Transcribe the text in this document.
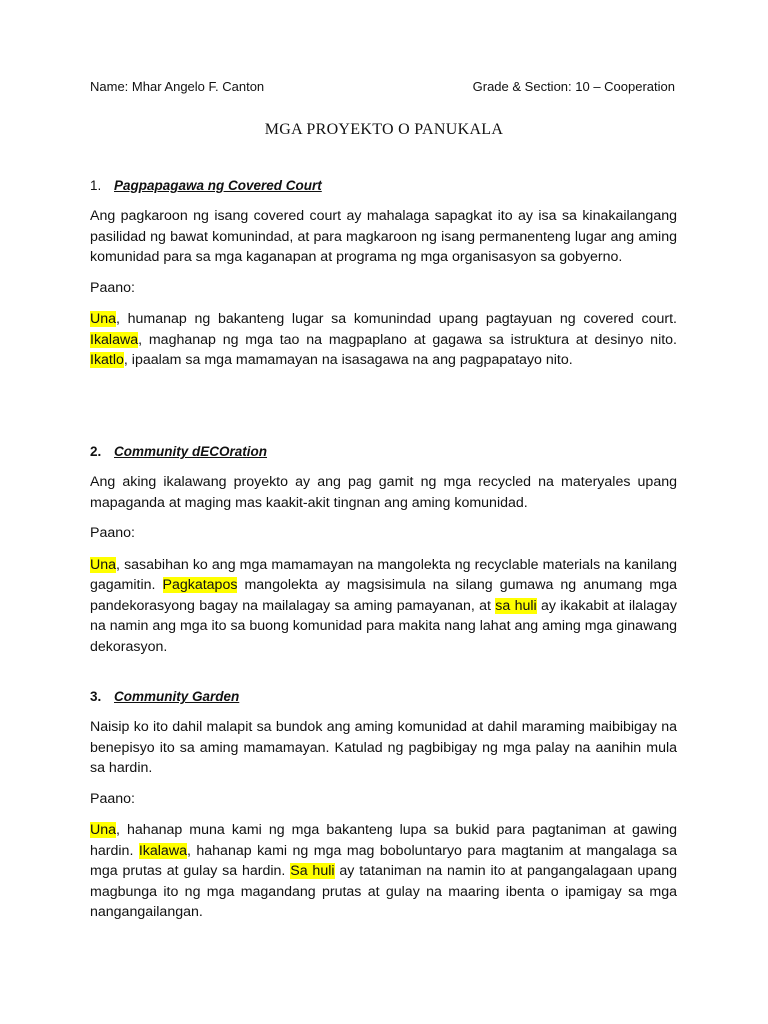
Name: Mhar Angelo F. Canton	Grade & Section: 10 – Cooperation
MGA PROYEKTO O PANUKALA
1. Pagpapagawa ng Covered Court

Ang pagkaroon ng isang covered court ay mahalaga sapagkat ito ay isa sa kinakailangang pasilidad ng bawat komunindad, at para magkaroon ng isang permanenteng lugar ang aming komunidad para sa mga kaganapan at programa ng mga organisasyon sa gobyerno.

Paano:

Una, humanap ng bakanteng lugar sa komunindad upang pagtayuan ng covered court. Ikalawa, maghanap ng mga tao na magpaplano at gagawa sa istruktura at desinyo nito. Ikatlo, ipaalam sa mga mamamayan na isasagawa na ang pagpapatayo nito.

2. Community dECOration

Ang aking ikalawang proyekto ay ang pag gamit ng mga recycled na materyales upang mapaganda at maging mas kaakit-akit tingnan ang aming komunidad.

Paano:

Una, sasabihan ko ang mga mamamayan na mangolekta ng recyclable materials na kanilang gagamitin. Pagkatapos mangolekta ay magsisimula na silang gumawa ng anumang mga pandekorasyong bagay na mailalagay sa aming pamayanan, at sa huli ay ikakabit at ilalagay na namin ang mga ito sa buong komunidad para makita nang lahat ang aming mga ginawang dekorasyon.

3. Community Garden

Naisip ko ito dahil malapit sa bundok ang aming komunidad at dahil maraming maibibigay na benepisyo ito sa aming mamamayan. Katulad ng pagbibigay ng mga palay na aanihin mula sa hardin.

Paano:

Una, hahanap muna kami ng mga bakanteng lupa sa bukid para pagtaniman at gawing hardin. Ikalawa, hahanap kami ng mga mag boboluntaryo para magtanim at mangalaga sa mga prutas at gulay sa hardin. Sa huli ay tataniman na namin ito at pangangalagaan upang magbunga ito ng mga magandang prutas at gulay na maaring ibenta o ipamigay sa mga nangangailangan.
